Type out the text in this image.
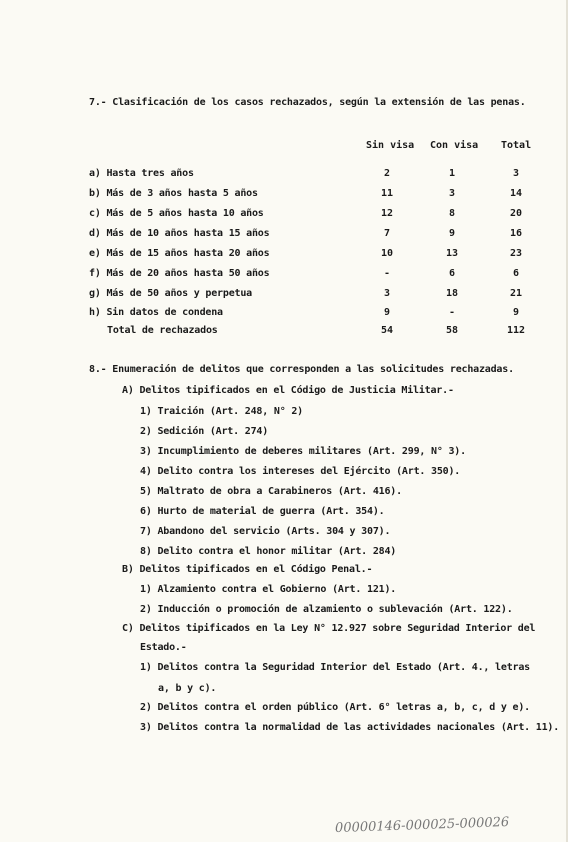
7.- Clasificación de los casos rechazados, según la extensión de las penas.
Sin visa Con visa Total
a) Hasta tres años	2	1	3
b) Más de 3 años hasta 5 años	11	3	14
c) Más de 5 años hasta 10 años	12	8	20
d) Más de 10 años hasta 15 años	7	9	16
e) Más de 15 años hasta 20 años	10	13	23
f) Más de 20 años hasta 50 años	-	6	6
g) Más de 50 años y perpetua	3	18	21
h) Sin datos de condena	9	-	9
Total de rechazados	54	58	112
8.- Enumeración de delitos que corresponden a las solicitudes rechazadas.
A) Delitos tipificados en el Código de Justicia Militar.-
1) Traición (Art. 248, N° 2)
2) Sedición (Art. 274)
3) Incumplimiento de deberes militares (Art. 299, N° 3).
4) Delito contra los intereses del Ejército (Art. 350).
5) Maltrato de obra a Carabineros (Art. 416).
6) Hurto de material de guerra (Art. 354).
7) Abandono del servicio (Arts. 304 y 307).
8) Delito contra el honor militar (Art. 284)
B) Delitos tipificados en el Código Penal.-
1) Alzamiento contra el Gobierno (Art. 121).
2) Inducción o promoción de alzamiento o sublevación (Art. 122).
C) Delitos tipificados en la Ley N° 12.927 sobre Seguridad Interior del
Estado.-
1) Delitos contra la Seguridad Interior del Estado (Art. 4., letras
a, b y c).
2) Delitos contra el orden público (Art. 6° letras a, b, c, d y e).
3) Delitos contra la normalidad de las actividades nacionales (Art. 11).
00000146-000025-000026
